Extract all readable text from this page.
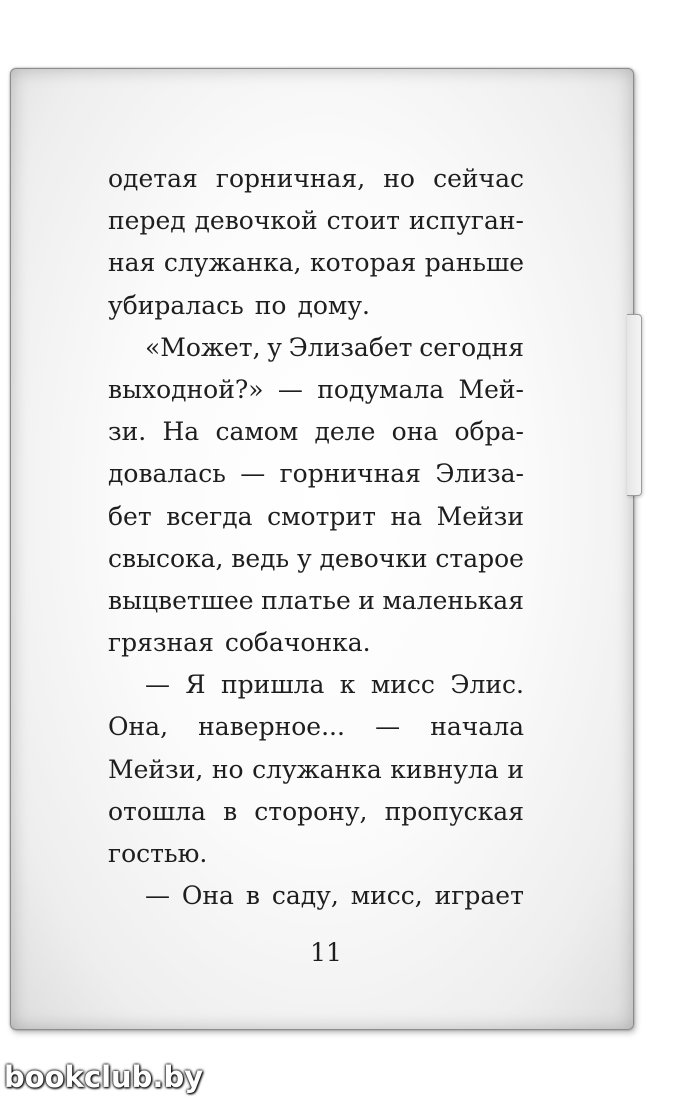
одетая горничная, но сейчас
перед девочкой стоит испуган-
ная служанка, которая раньше
убиралась по дому.
«Может, у Элизабет сегодня
выходной?» — подумала Мей-
зи. На самом деле она обра-
довалась — горничная Элиза-
бет всегда смотрит на Мейзи
свысока, ведь у девочки старое
выцветшее платье и маленькая
грязная собачонка.
— Я пришла к мисс Элис.
Она, наверное... — начала
Мейзи, но служанка кивнула и
отошла в сторону, пропуская
гостью.
— Она в саду, мисс, играет
11
bookclub.by
